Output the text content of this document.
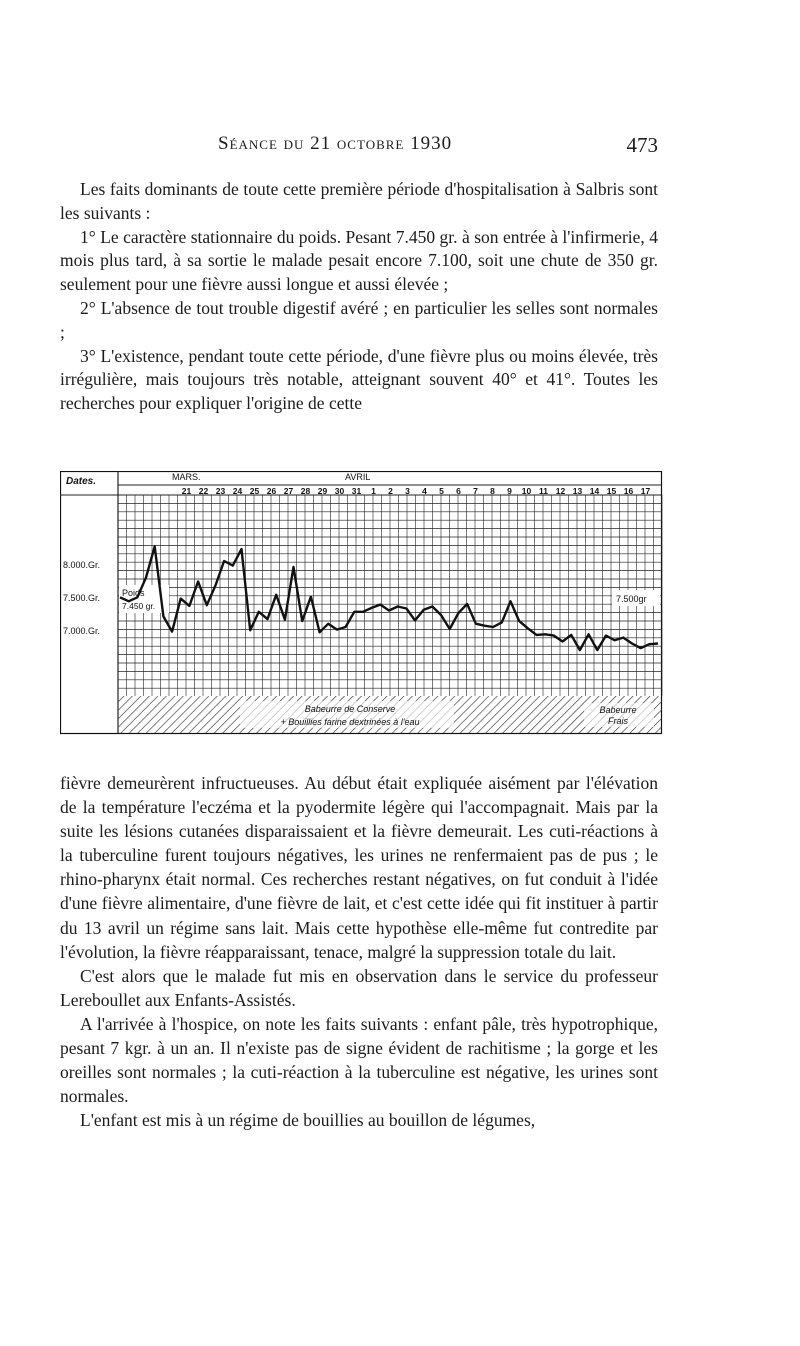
Séance du 21 octobre 1930	473

Les faits dominants de toute cette première période d'hospitalisation à Salbris sont les suivants :

1° Le caractère stationnaire du poids. Pesant 7.450 gr. à son entrée à l'infirmerie, 4 mois plus tard, à sa sortie le malade pesait encore 7.100, soit une chute de 350 gr. seulement pour une fièvre aussi longue et aussi élevée ;

2° L'absence de tout trouble digestif avéré ; en particulier les selles sont normales ;

3° L'existence, pendant toute cette période, d'une fièvre plus ou moins élevée, très irrégulière, mais toujours très notable, atteignant souvent 40° et 41°. Toutes les recherches pour expliquer l'origine de cette

Babeurre de Conserve
+ Bouillies farine dextrinées à l'eau
Babeurre
Frais
Dates.	MARS.	AVRIL
21 22 23 24 25 26 27 28 29 30 31 1 2 3 4 5 6 7 8 9 10 11 12 13 14 15 16 17
8.000.Gr.
7.500.Gr.
7.000.Gr.
Poids
7.450 gr.
7.500gr

fièvre demeurèrent infructueuses. Au début était expliquée aisément par l'élévation de la température l'eczéma et la pyodermite légère qui l'accompagnait. Mais par la suite les lésions cutanées disparaissaient et la fièvre demeurait. Les cuti-réactions à la tuberculine furent toujours négatives, les urines ne renfermaient pas de pus ; le rhino-pharynx était normal. Ces recherches restant négatives, on fut conduit à l'idée d'une fièvre alimentaire, d'une fièvre de lait, et c'est cette idée qui fit instituer à partir du 13 avril un régime sans lait. Mais cette hypothèse elle-même fut contredite par l'évolution, la fièvre réapparaissant, tenace, malgré la suppression totale du lait.

C'est alors que le malade fut mis en observation dans le service du professeur Lereboullet aux Enfants-Assistés.

A l'arrivée à l'hospice, on note les faits suivants : enfant pâle, très hypotrophique, pesant 7 kgr. à un an. Il n'existe pas de signe évident de rachitisme ; la gorge et les oreilles sont normales ; la cuti-réaction à la tuberculine est négative, les urines sont normales.

L'enfant est mis à un régime de bouillies au bouillon de légumes,
